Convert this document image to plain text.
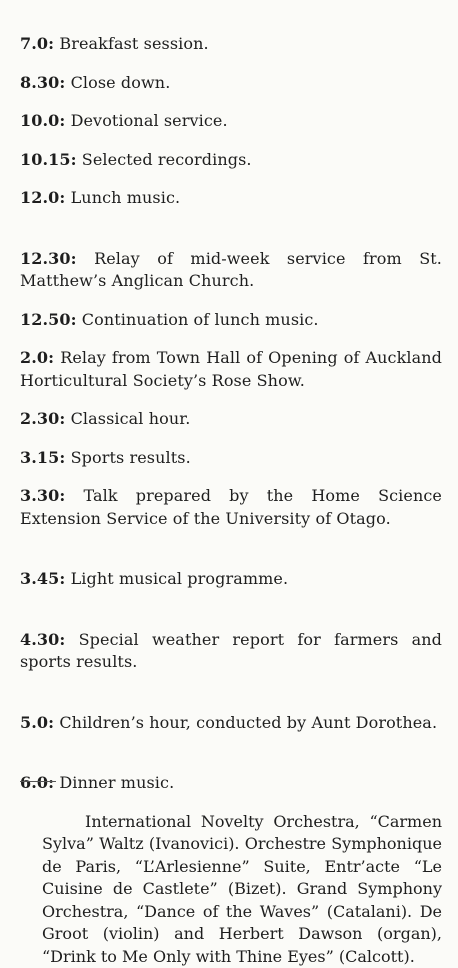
7.0: Breakfast session.

8.30: Close down.

10.0: Devotional service.

10.15: Selected recordings.

12.0: Lunch music.

12.30: Relay of mid-week service from St. Matthew’s Anglican Church.

12.50: Continuation of lunch music.

2.0: Relay from Town Hall of Opening of Auckland Horticultural Society’s Rose Show.

2.30: Classical hour.

3.15: Sports results.

3.30: Talk prepared by the Home Science Extension Service of the University of Otago.

3.45: Light musical programme.

4.30: Special weather report for farmers and sports results.

5.0: Children’s hour, conducted by Aunt Dorothea.

6.0: Dinner music.

International Novelty Orchestra, “Carmen Sylva” Waltz (Ivanovici). Orchestre Symphonique de Paris, “L’Arlesienne” Suite, Entr’acte “Le Cuisine de Castlete” (Bizet). Grand Symphony Orchestra, “Dance of the Waves” (Catalani). De Groot (violin) and Herbert Dawson (organ), “Drink to Me Only with Thine Eyes” (Calcott).
